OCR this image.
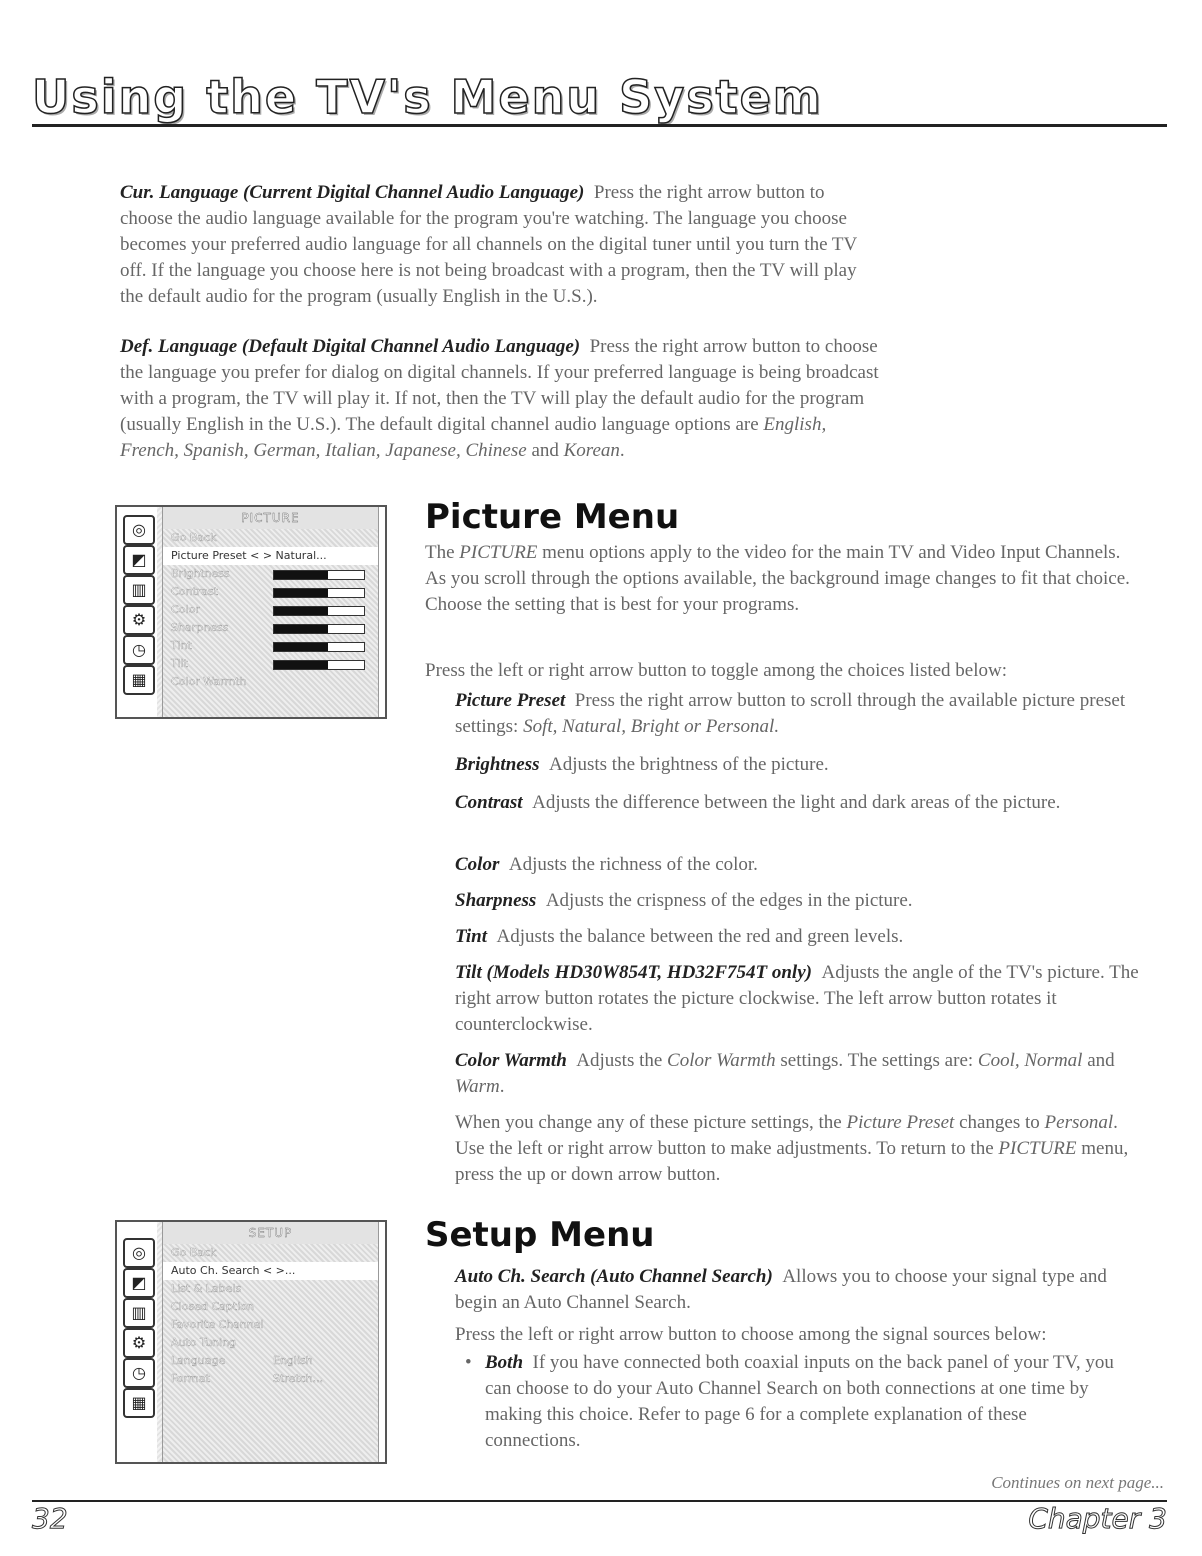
Using the TV's Menu System

Cur. Language (Current Digital Channel Audio Language) Press the right arrow button to choose the audio language available for the program you're watching. The language you choose becomes your preferred audio language for all channels on the digital tuner until you turn the TV off. If the language you choose here is not being broadcast with a program, then the TV will play the default audio for the program (usually English in the U.S.).

Def. Language (Default Digital Channel Audio Language) Press the right arrow button to choose the language you prefer for dialog on digital channels. If your preferred language is being broadcast with a program, the TV will play it. If not, then the TV will play the default audio for the program (usually English in the U.S.). The default digital channel audio language options are English, French, Spanish, German, Italian, Japanese, Chinese and Korean.

◎
◩
▥
⚙
◷
▦
PICTURE
Go Back
Picture Preset < > Natural...
Brightness
Contrast
Color
Sharpness
Tint
Tilt
Color Warmth
Picture Menu

The PICTURE menu options apply to the video for the main TV and Video Input Channels. As you scroll through the options available, the background image changes to fit that choice. Choose the setting that is best for your programs.

Press the left or right arrow button to toggle among the choices listed below:

Picture Preset Press the right arrow button to scroll through the available picture preset settings: Soft, Natural, Bright or Personal.

Brightness Adjusts the brightness of the picture.

Contrast Adjusts the difference between the light and dark areas of the picture.

Color Adjusts the richness of the color.

Sharpness Adjusts the crispness of the edges in the picture.

Tint Adjusts the balance between the red and green levels.

Tilt (Models HD30W854T, HD32F754T only) Adjusts the angle of the TV's picture. The right arrow button rotates the picture clockwise. The left arrow button rotates it counterclockwise.

Color Warmth Adjusts the Color Warmth settings. The settings are: Cool, Normal and Warm.

When you change any of these picture settings, the Picture Preset changes to Personal. Use the left or right arrow button to make adjustments. To return to the PICTURE menu, press the up or down arrow button.

◎
◩
▥
⚙
◷
▦
SETUP
Go Back
Auto Ch. Search < >...
List & Labels
Closed Caption
Favorite Channel
Auto Tuning
Language	English
Format	Stretch...
Setup Menu

Auto Ch. Search (Auto Channel Search) Allows you to choose your signal type and begin an Auto Channel Search.

Press the left or right arrow button to choose among the signal sources below:

• Both If you have connected both coaxial inputs on the back panel of your TV, you can choose to do your Auto Channel Search on both connections at one time by making this choice. Refer to page 6 for a complete explanation of these connections.

Continues on next page...
32	Chapter 3
